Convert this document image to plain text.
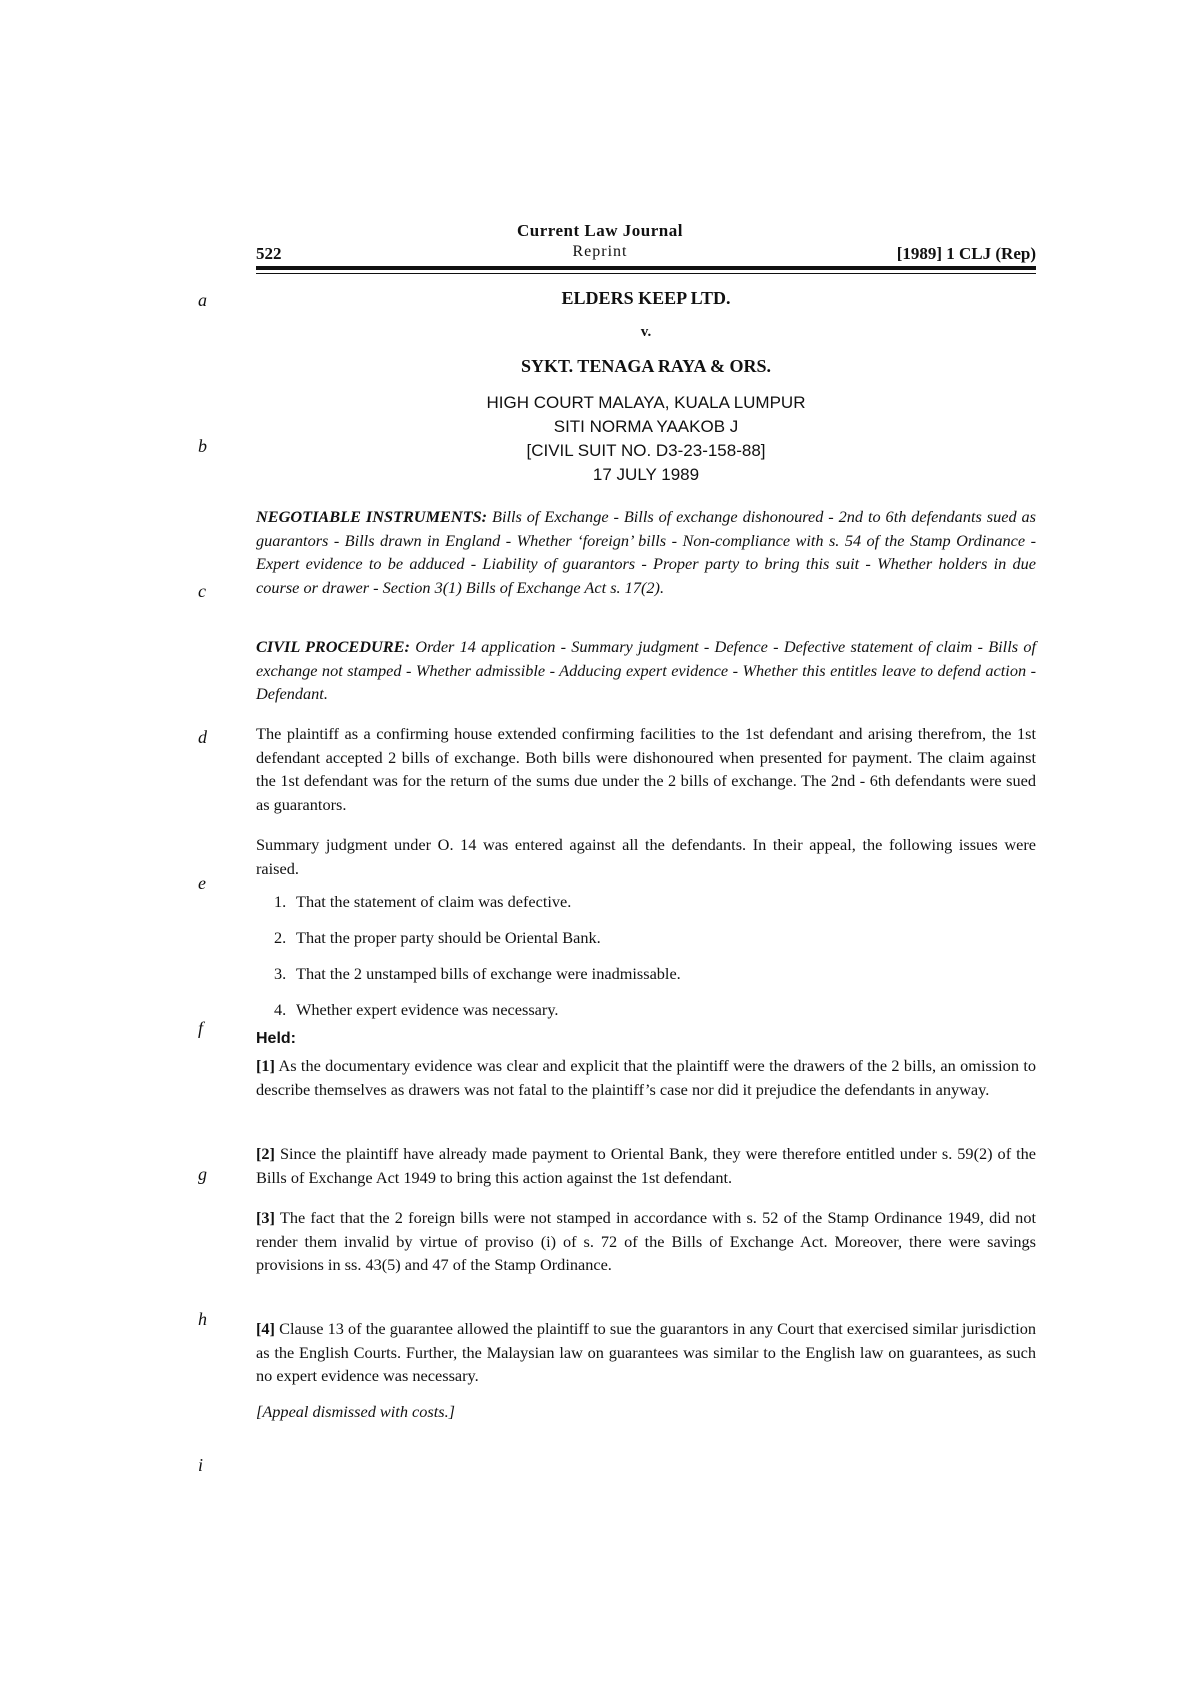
Current Law Journal
522	Reprint	[1989] 1 CLJ (Rep)
a
b
c
d
e
f
g
h
i
ELDERS KEEP LTD.
v.
SYKT. TENAGA RAYA & ORS.
HIGH COURT MALAYA, KUALA LUMPUR
SITI NORMA YAAKOB J
[CIVIL SUIT NO. D3-23-158-88]
17 JULY 1989
NEGOTIABLE INSTRUMENTS: Bills of Exchange - Bills of exchange dishonoured - 2nd to 6th defendants sued as guarantors - Bills drawn in England - Whether ‘foreign’ bills - Non-compliance with s. 54 of the Stamp Ordinance - Expert evidence to be adduced - Liability of guarantors - Proper party to bring this suit - Whether holders in due course or drawer - Section 3(1) Bills of Exchange Act s. 17(2).
CIVIL PROCEDURE: Order 14 application - Summary judgment - Defence - Defective statement of claim - Bills of exchange not stamped - Whether admissible - Adducing expert evidence - Whether this entitles leave to defend action - Defendant.
The plaintiff as a confirming house extended confirming facilities to the 1st defendant and arising therefrom, the 1st defendant accepted 2 bills of exchange. Both bills were dishonoured when presented for payment. The claim against the 1st defendant was for the return of the sums due under the 2 bills of exchange. The 2nd - 6th defendants were sued as guarantors.
Summary judgment under O. 14 was entered against all the defendants. In their appeal, the following issues were raised.
1. That the statement of claim was defective.
2. That the proper party should be Oriental Bank.
3. That the 2 unstamped bills of exchange were inadmissable.
4. Whether expert evidence was necessary.
Held:
[1] As the documentary evidence was clear and explicit that the plaintiff were the drawers of the 2 bills, an omission to describe themselves as drawers was not fatal to the plaintiff’s case nor did it prejudice the defendants in anyway.
[2] Since the plaintiff have already made payment to Oriental Bank, they were therefore entitled under s. 59(2) of the Bills of Exchange Act 1949 to bring this action against the 1st defendant.
[3] The fact that the 2 foreign bills were not stamped in accordance with s. 52 of the Stamp Ordinance 1949, did not render them invalid by virtue of proviso (i) of s. 72 of the Bills of Exchange Act. Moreover, there were savings provisions in ss. 43(5) and 47 of the Stamp Ordinance.
[4] Clause 13 of the guarantee allowed the plaintiff to sue the guarantors in any Court that exercised similar jurisdiction as the English Courts. Further, the Malaysian law on guarantees was similar to the English law on guarantees, as such no expert evidence was necessary.
[Appeal dismissed with costs.]
